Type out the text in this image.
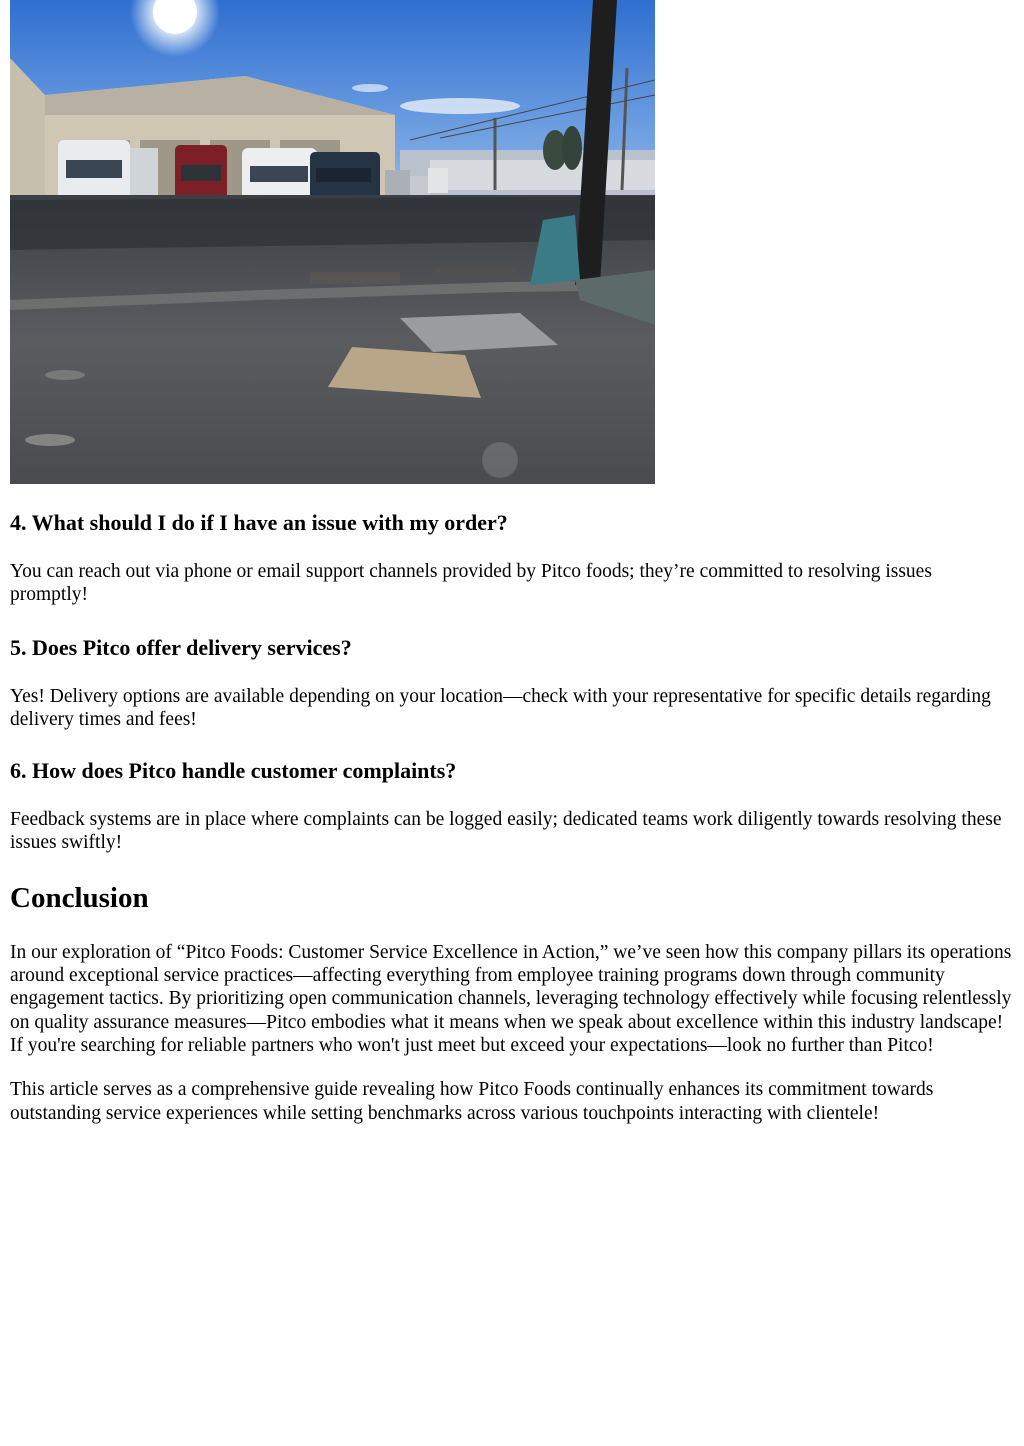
4. What should I do if I have an issue with my order?

You can reach out via phone or email support channels provided by Pitco foods; they’re committed to resolving issues promptly!

5. Does Pitco offer delivery services?

Yes! Delivery options are available depending on your location—check with your representative for specific details regarding delivery times and fees!

6. How does Pitco handle customer complaints?

Feedback systems are in place where complaints can be logged easily; dedicated teams work diligently towards resolving these issues swiftly!

Conclusion

In our exploration of “Pitco Foods: Customer Service Excellence in Action,” we’ve seen how this company pillars its operations around exceptional service practices—affecting everything from employee training programs down through community engagement tactics. By prioritizing open communication channels, leveraging technology effectively while focusing relentlessly on quality assurance measures—Pitco embodies what it means when we speak about excellence within this industry landscape! If you're searching for reliable partners who won't just meet but exceed your expectations—look no further than Pitco!

This article serves as a comprehensive guide revealing how Pitco Foods continually enhances its commitment towards outstanding service experiences while setting benchmarks across various touchpoints interacting with clientele!
